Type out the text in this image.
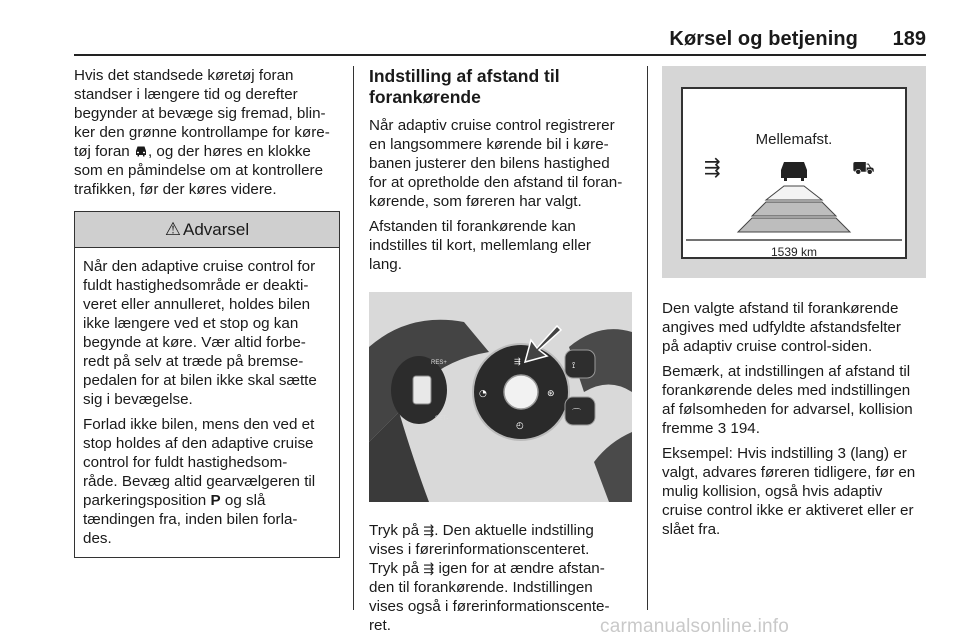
Kørsel og betjening 189

Hvis det standsede køretøj foran
standser i længere tid og derefter
begynder at bevæge sig fremad, blin-
ker den grønne kontrollampe for køre-
tøj foran , og der høres en klokke
som en påmindelse om at kontrollere
trafikken, før der køres videre.

⚠ Advarsel

Når den adaptive cruise control for
fuldt hastighedsområde er deakti-
veret eller annulleret, holdes bilen
ikke længere ved et stop og kan
begynde at køre. Vær altid forbe-
redt på selv at træde på bremse-
pedalen for at bilen ikke skal sætte
sig i bevægelse.

Forlad ikke bilen, mens den ved et
stop holdes af den adaptive cruise
control for fuldt hastighedsom-
råde. Bevæg altid gearvælgeren til
parkeringsposition P og slå
tændingen fra, inden bilen forla-
des.

Indstilling af afstand til
forankørende

Når adaptiv cruise control registrerer
en langsommere kørende bil i køre-
banen justerer den bilens hastighed
for at opretholde den afstand til foran-
kørende, som føreren har valgt.

Afstanden til forankørende kan
indstilles til kort, mellemlang eller
lang.

RES+
SET-
⇶
◔	⊛
◴
⟟
⌒

Tryk på ⇶. Den aktuelle indstilling
vises i førerinformationscenteret.
Tryk på ⇶ igen for at ændre afstan-
den til forankørende. Indstillingen
vises også i førerinformationscente-
ret.

Mellemafst.
⇶	⛟
1539 km

Den valgte afstand til forankørende
angives med udfyldte afstandsfelter
på adaptiv cruise control-siden.

Bemærk, at indstillingen af afstand til
forankørende deles med indstillingen
af følsomheden for advarsel, kollision
fremme 3 194.

Eksempel: Hvis indstilling 3 (lang) er
valgt, advares føreren tidligere, før en
mulig kollision, også hvis adaptiv
cruise control ikke er aktiveret eller er
slået fra.

carmanualsonline.info
